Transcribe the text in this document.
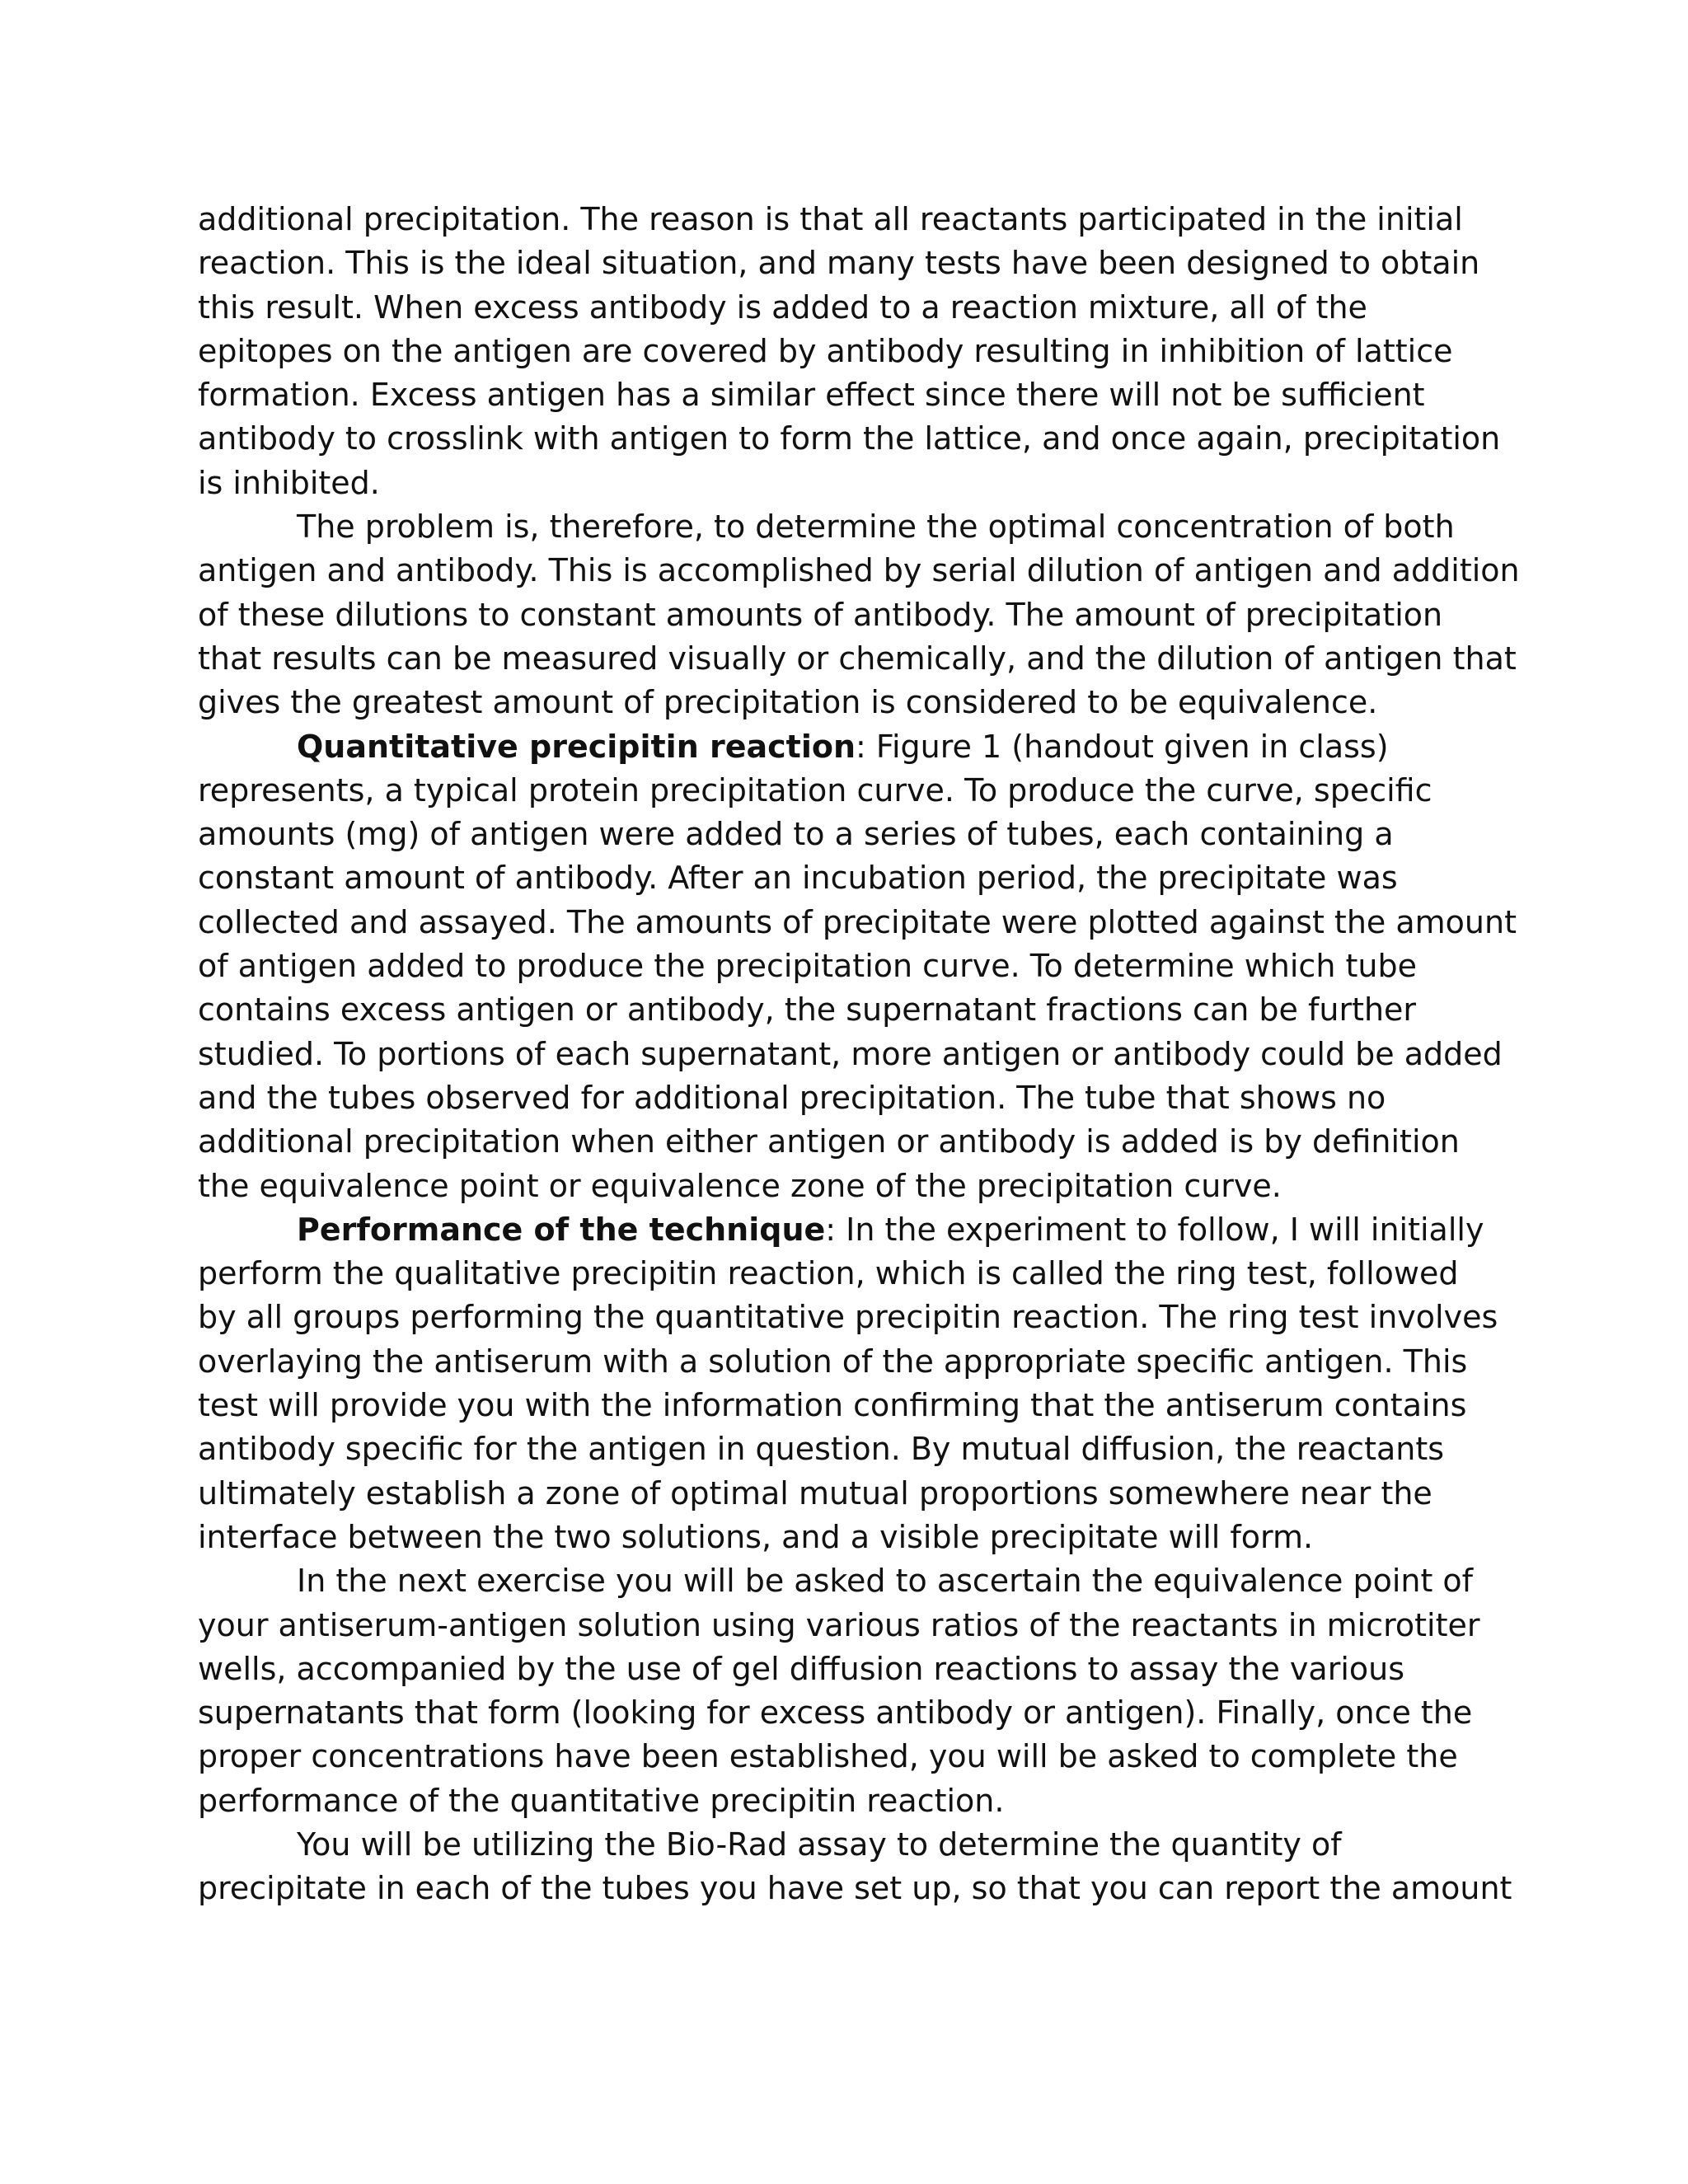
additional precipitation. The reason is that all reactants participated in the initial
reaction. This is the ideal situation, and many tests have been designed to obtain
this result. When excess antibody is added to a reaction mixture, all of the
epitopes on the antigen are covered by antibody resulting in inhibition of lattice
formation. Excess antigen has a similar effect since there will not be sufficient
antibody to crosslink with antigen to form the lattice, and once again, precipitation
is inhibited.
The problem is, therefore, to determine the optimal concentration of both
antigen and antibody. This is accomplished by serial dilution of antigen and addition
of these dilutions to constant amounts of antibody. The amount of precipitation
that results can be measured visually or chemically, and the dilution of antigen that
gives the greatest amount of precipitation is considered to be equivalence.
Quantitative precipitin reaction: Figure 1 (handout given in class)
represents, a typical protein precipitation curve. To produce the curve, specific
amounts (mg) of antigen were added to a series of tubes, each containing a
constant amount of antibody. After an incubation period, the precipitate was
collected and assayed. The amounts of precipitate were plotted against the amount
of antigen added to produce the precipitation curve. To determine which tube
contains excess antigen or antibody, the supernatant fractions can be further
studied. To portions of each supernatant, more antigen or antibody could be added
and the tubes observed for additional precipitation. The tube that shows no
additional precipitation when either antigen or antibody is added is by definition
the equivalence point or equivalence zone of the precipitation curve.
Performance of the technique: In the experiment to follow, I will initially
perform the qualitative precipitin reaction, which is called the ring test, followed
by all groups performing the quantitative precipitin reaction. The ring test involves
overlaying the antiserum with a solution of the appropriate specific antigen. This
test will provide you with the information confirming that the antiserum contains
antibody specific for the antigen in question. By mutual diffusion, the reactants
ultimately establish a zone of optimal mutual proportions somewhere near the
interface between the two solutions, and a visible precipitate will form.
In the next exercise you will be asked to ascertain the equivalence point of
your antiserum-antigen solution using various ratios of the reactants in microtiter
wells, accompanied by the use of gel diffusion reactions to assay the various
supernatants that form (looking for excess antibody or antigen). Finally, once the
proper concentrations have been established, you will be asked to complete the
performance of the quantitative precipitin reaction.
You will be utilizing the Bio-Rad assay to determine the quantity of
precipitate in each of the tubes you have set up, so that you can report the amount
